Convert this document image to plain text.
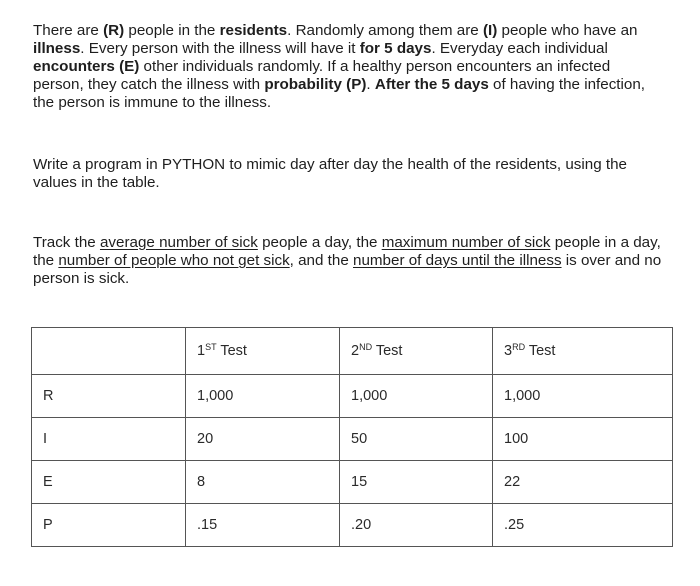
There are (R) people in the residents. Randomly among them are (I) people who have an illness. Every person with the illness will have it for 5 days. Everyday each individual encounters (E) other individuals randomly. If a healthy person encounters an infected person, they catch the illness with probability (P). After the 5 days of having the infection, the person is immune to the illness.

Write a program in PYTHON to mimic day after day the health of the residents, using the values in the table.

Track the average number of sick people a day, the maximum number of sick people in a day, the number of people who not get sick, and the number of days until the illness is over and no person is sick.

	1ST Test	2ND Test	3RD Test
R	1,000	1,000	1,000
I	20	50	100
E	8	15	22
P	.15	.20	.25
